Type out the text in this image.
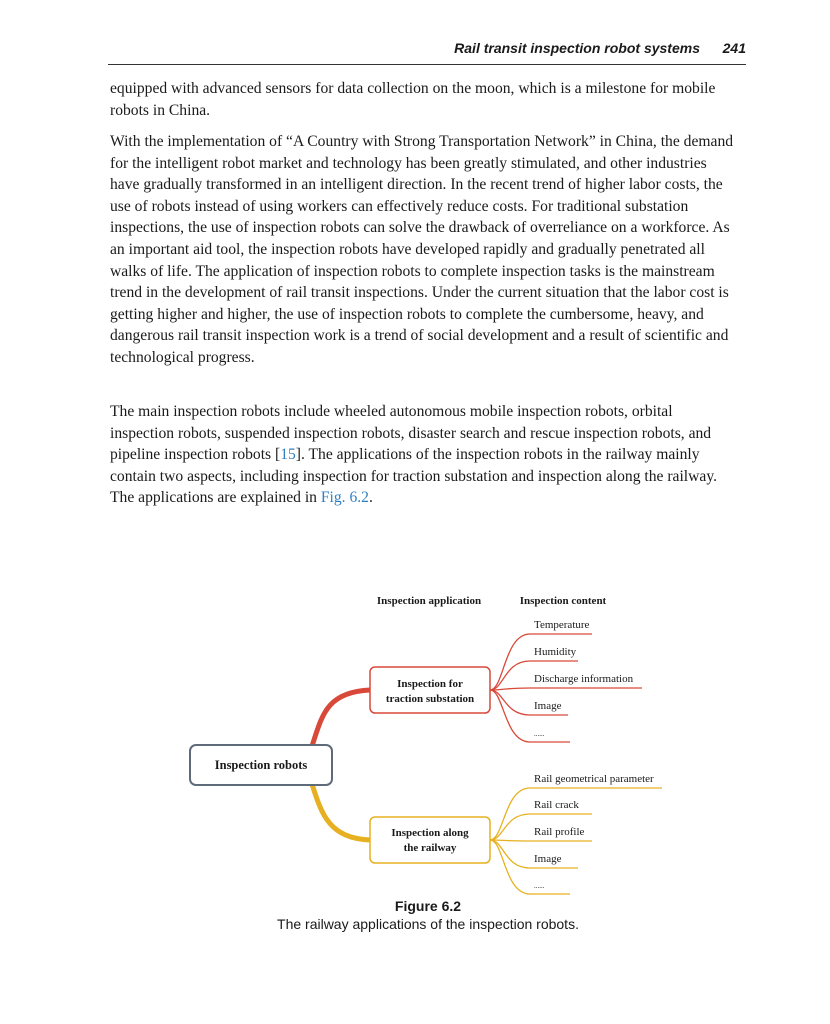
Rail transit inspection robot systems	241

equipped with advanced sensors for data collection on the moon, which is a milestone for mobile robots in China.

With the implementation of “A Country with Strong Transportation Network” in China, the demand for the intelligent robot market and technology has been greatly stimulated, and other industries have gradually transformed in an intelligent direction. In the recent trend of higher labor costs, the use of robots instead of using workers can effectively reduce costs. For traditional substation inspections, the use of inspection robots can solve the drawback of overreliance on a workforce. As an important aid tool, the inspection robots have developed rapidly and gradually penetrated all walks of life. The application of inspection robots to complete inspection tasks is the mainstream trend in the development of rail transit inspections. Under the current situation that the labor cost is getting higher and higher, the use of inspection robots to complete the cumbersome, heavy, and dangerous rail transit inspection work is a trend of social development and a result of scientific and technological progress.

The main inspection robots include wheeled autonomous mobile inspection robots, orbital inspection robots, suspended inspection robots, disaster search and rescue inspection robots, and pipeline inspection robots [15]. The applications of the inspection robots in the railway mainly contain two aspects, including inspection for traction substation and inspection along the railway. The applications are explained in Fig. 6.2.

Inspection application	Inspection content
Inspection robots
Inspection for
traction substation
Temperature
Humidity
Discharge information
Image
......
Inspection along
the railway
Rail geometrical parameter
Rail crack
Rail profile
Image
......
Figure 6.2
The railway applications of the inspection robots.
